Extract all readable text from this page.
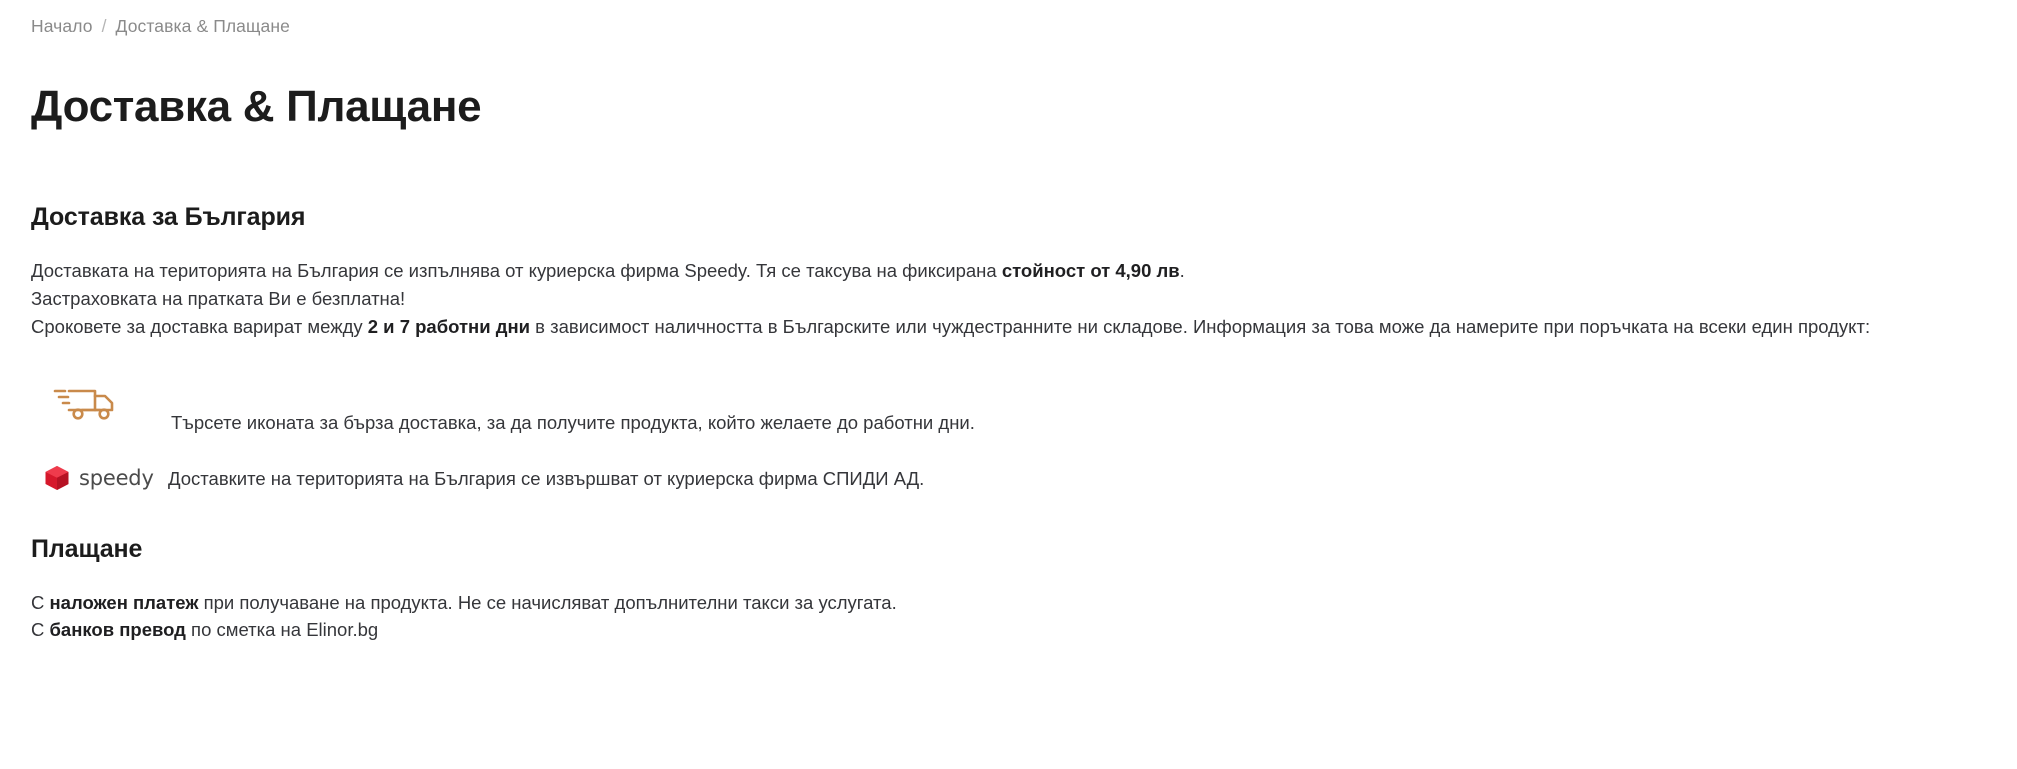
Начало / Доставка & Плащане
Доставка & Плащане
Доставка за България
Доставката на територията на България се изпълнява от куриерска фирма Speedy. Тя се таксува на фиксирана стойност от 4,90 лв.
Застраховката на пратката Ви е безплатна!
Сроковете за доставка варират между 2 и 7 работни дни в зависимост наличността в Българските или чуждестранните ни складове. Информация за това може да намерите при поръчката на всеки един продукт:
Търсете иконата за бърза доставка, за да получите продукта, който желаете до работни дни.
speedy Доставките на територията на България се извършват от куриерска фирма СПИДИ АД.
Плащане
С наложен платеж при получаване на продукта. Не се начисляват допълнителни такси за услугата.
С банков превод по сметка на Elinor.bg
